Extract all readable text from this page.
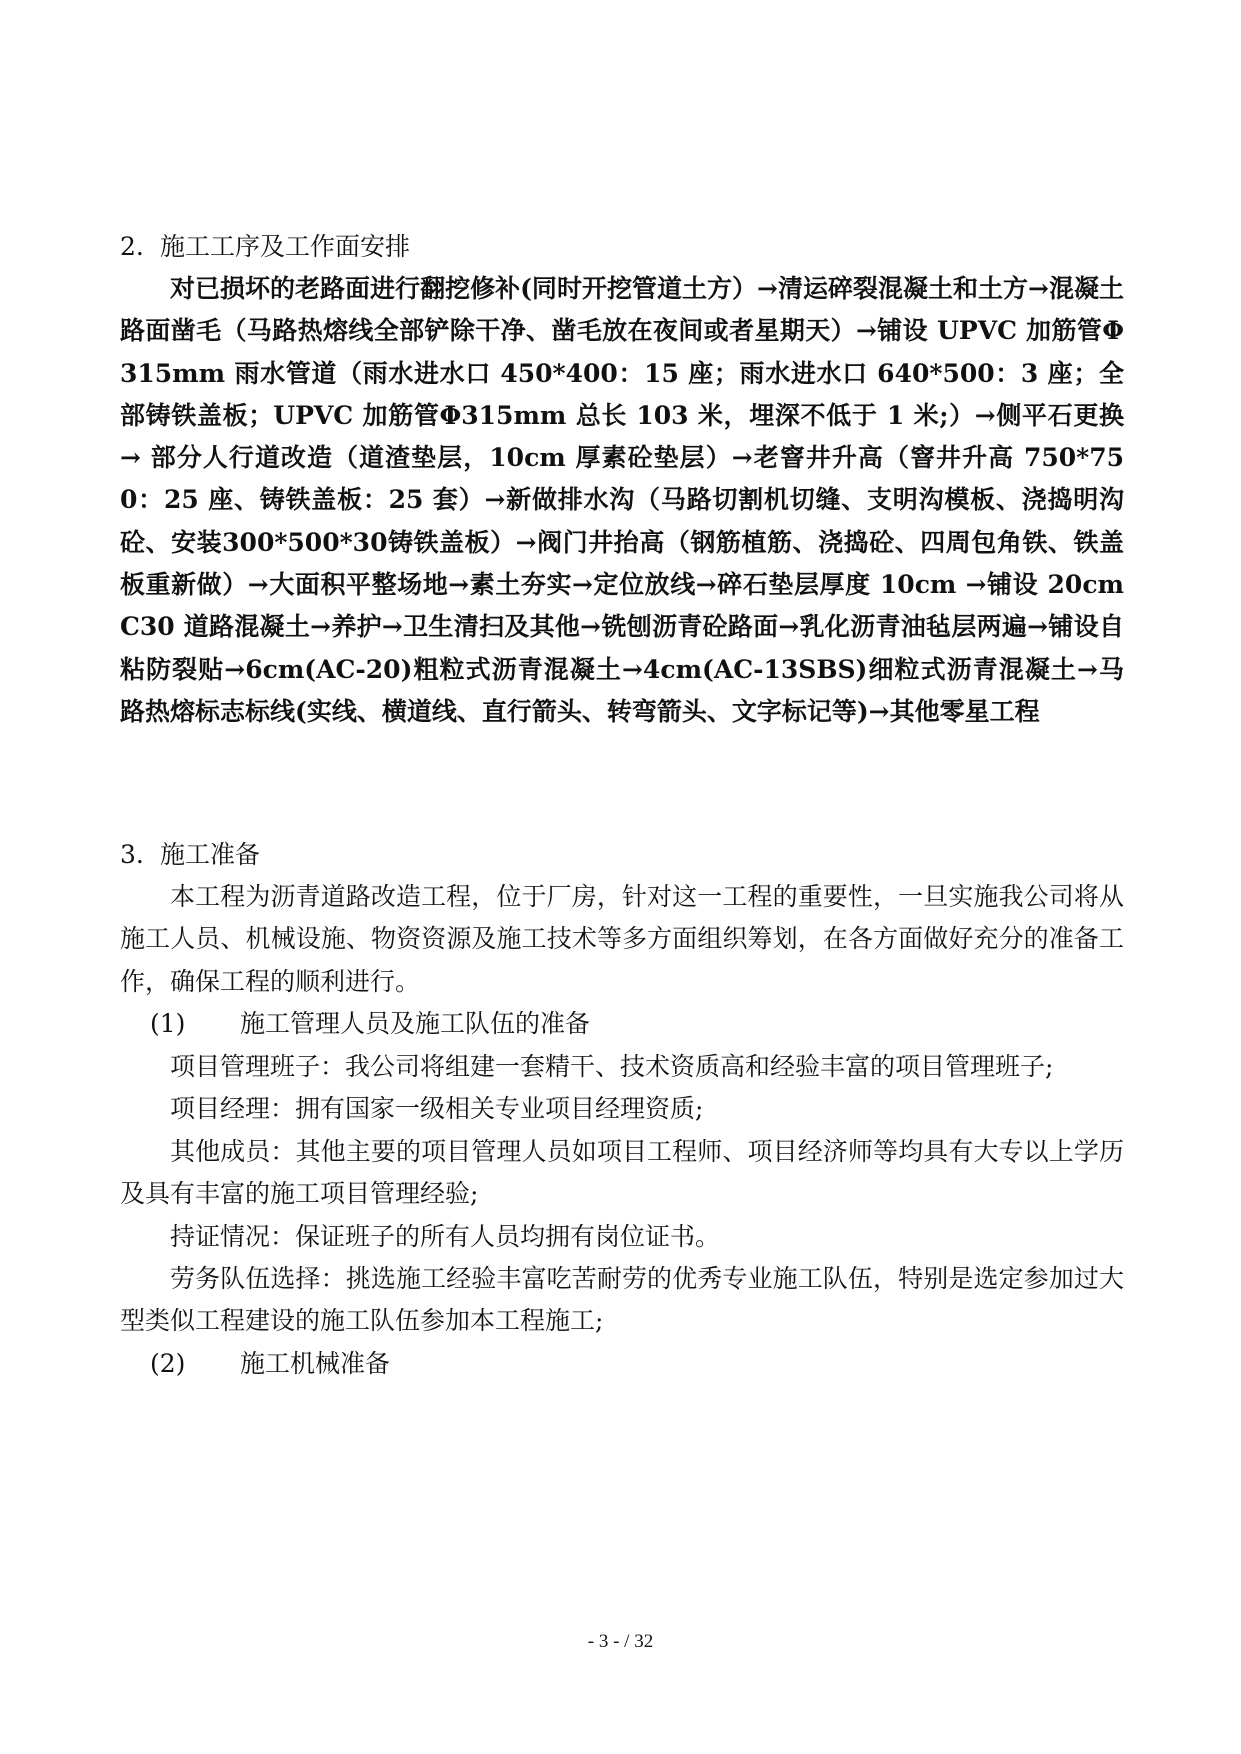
2. 施工工序及工作面安排

对已损坏的老路面进行翻挖修补(同时开挖管道土方）→清运碎裂混凝土和土方→混凝土路面凿毛（马路热熔线全部铲除干净、凿毛放在夜间或者星期天）→铺设 UPVC 加筋管Φ315mm 雨水管道（雨水进水口 450*400：15 座；雨水进水口 640*500：3 座；全部铸铁盖板；UPVC 加筋管Φ315mm 总长 103 米，埋深不低于 1 米;）→侧平石更换 → 部分人行道改造（道渣垫层，10cm 厚素砼垫层）→老窨井升高（窨井升高 750*750：25 座、铸铁盖板：25 套）→新做排水沟（马路切割机切缝、支明沟模板、浇捣明沟砼、安装300*500*30铸铁盖板）→阀门井抬高（钢筋植筋、浇捣砼、四周包角铁、铁盖板重新做）→大面积平整场地→素土夯实→定位放线→碎石垫层厚度 10cm →铺设 20cm C30 道路混凝土→养护→卫生清扫及其他→铣刨沥青砼路面→乳化沥青油毡层两遍→铺设自粘防裂贴→6cm(AC-20)粗粒式沥青混凝土→4cm(AC-13SBS)细粒式沥青混凝土→马路热熔标志标线(实线、横道线、直行箭头、转弯箭头、文字标记等)→其他零星工程

3. 施工准备

本工程为沥青道路改造工程，位于厂房，针对这一工程的重要性，一旦实施我公司将从施工人员、机械设施、物资资源及施工技术等多方面组织筹划，在各方面做好充分的准备工作，确保工程的顺利进行。

(1) 施工管理人员及施工队伍的准备

项目管理班子：我公司将组建一套精干、技术资质高和经验丰富的项目管理班子;

项目经理：拥有国家一级相关专业项目经理资质;

其他成员：其他主要的项目管理人员如项目工程师、项目经济师等均具有大专以上学历及具有丰富的施工项目管理经验;

持证情况：保证班子的所有人员均拥有岗位证书。

劳务队伍选择：挑选施工经验丰富吃苦耐劳的优秀专业施工队伍，特别是选定参加过大型类似工程建设的施工队伍参加本工程施工;

(2) 施工机械准备
- 3 - / 32
